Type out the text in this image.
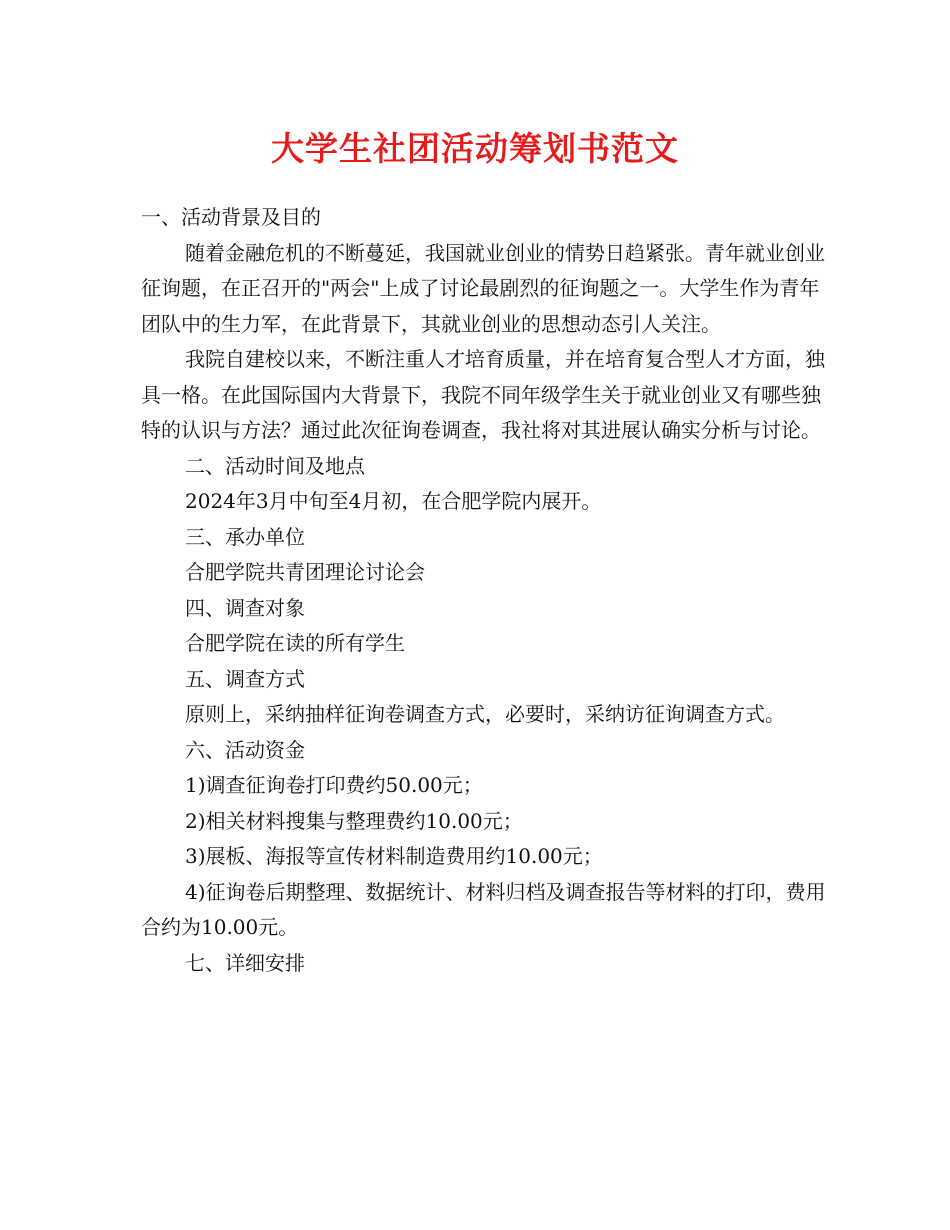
大学生社团活动筹划书范文

一、活动背景及目的

随着金融危机的不断蔓延，我国就业创业的情势日趋紧张。青年就业创业征询题，在正召开的"两会"上成了讨论最剧烈的征询题之一。大学生作为青年团队中的生力军，在此背景下，其就业创业的思想动态引人关注。

我院自建校以来，不断注重人才培育质量，并在培育复合型人才方面，独具一格。在此国际国内大背景下，我院不同年级学生关于就业创业又有哪些独特的认识与方法？通过此次征询卷调查，我社将对其进展认确实分析与讨论。

二、活动时间及地点

2024年3月中旬至4月初，在合肥学院内展开。

三、承办单位

合肥学院共青团理论讨论会

四、调查对象

合肥学院在读的所有学生

五、调查方式

原则上，采纳抽样征询卷调查方式，必要时，采纳访征询调查方式。

六、活动资金

1)调查征询卷打印费约50.00元；

2)相关材料搜集与整理费约10.00元；

3)展板、海报等宣传材料制造费用约10.00元；

4)征询卷后期整理、数据统计、材料归档及调查报告等材料的打印，费用合约为10.00元。

七、详细安排
